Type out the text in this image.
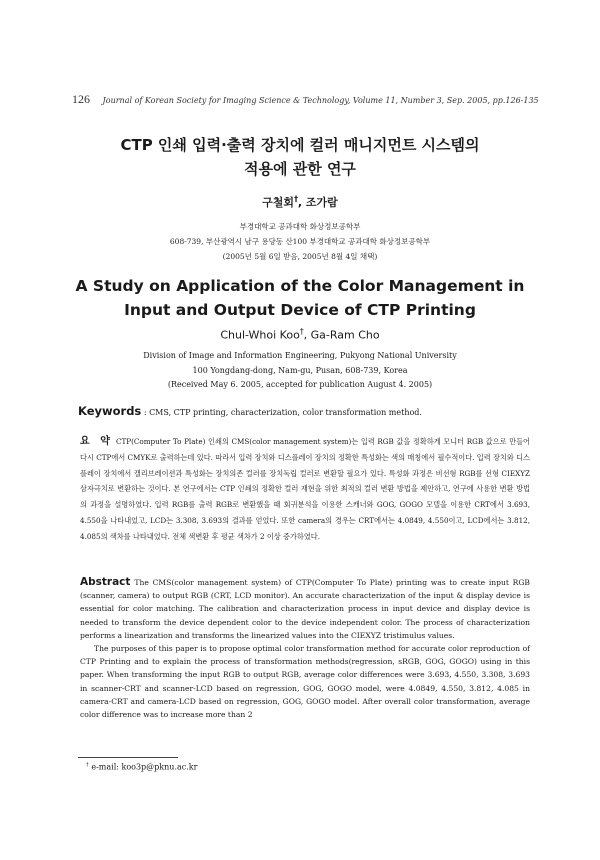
126 Journal of Korean Society for Imaging Science & Technology, Volume 11, Number 3, Sep. 2005, pp.126-135
CTP 인쇄 입력·출력 장치에 컬러 매니지먼트 시스템의
적용에 관한 연구
구철회†, 조가람
부경대학교 공과대학 화상정보공학부
608-739, 부산광역시 남구 용당동 산100 부경대학교 공과대학 화상정보공학부
(2005년 5월 6일 받음, 2005년 8월 4일 채택)
A Study on Application of the Color Management in
Input and Output Device of CTP Printing
Chul-Whoi Koo†, Ga-Ram Cho
Division of Image and Information Engineering, Pukyong National University
100 Yongdang-dong, Nam-gu, Pusan, 608-739, Korea
(Received May 6. 2005, accepted for publication August 4. 2005)
Keywords : CMS, CTP printing, characterization, color transformation method.
요　약 CTP(Computer To Plate) 인쇄의 CMS(color management system)는 입력 RGB 값을 정확하게 모니터 RGB 값으로 만들어 다시 CTP에서 CMYK로 출력하는데 있다. 따라서 입력 장치와 디스플레이 장치의 정확한 특성화는 색의 매칭에서 필수적이다. 입력 장치와 디스플레이 장치에서 캘리브레이션과 특성화는 장치의존 컬러를 장치독립 컬러로 변환할 필요가 있다. 특성화 과정은 비선형 RGB를 선형 CIEXYZ 삼자극치로 변환하는 것이다. 본 연구에서는 CTP 인쇄의 정확한 컬러 재현을 위한 최적의 컬러 변환 방법을 제안하고, 연구에 사용한 변환 방법의 과정을 설명하였다. 입력 RGB를 출력 RGB로 변환했을 때 회귀분석을 이용한 스캐너와 GOG, GOGO 모델을 이용한 CRT에서 3.693, 4.550을 나타내었고, LCD는 3.308, 3.693의 결과를 얻었다. 또한 camera의 경우는 CRT에서는 4.0849, 4.550이고, LCD에서는 3.812, 4.085의 색차를 나타내었다. 전체 색변환 후 평균 색차가 2 이상 증가하였다.

Abstract The CMS(color management system) of CTP(Computer To Plate) printing was to create input RGB (scanner, camera) to output RGB (CRT, LCD monitor). An accurate characterization of the input & display device is essential for color matching. The calibration and characterization process in input device and display device is needed to transform the device dependent color to the device independent color. The process of characterization performs a linearization and transforms the linearized values into the CIEXYZ tristimulus values.

The purposes of this paper is to propose optimal color transformation method for accurate color reproduction of CTP Printing and to explain the process of transformation methods(regression, sRGB, GOG, GOGO) using in this paper. When transforming the input RGB to output RGB, average color differences were 3.693, 4.550, 3.308, 3.693 in scanner-CRT and scanner-LCD based on regression, GOG, GOGO model, were 4.0849, 4.550, 3.812, 4.085 in camera-CRT and camera-LCD based on regression, GOG, GOGO model. After overall color transformation, average color difference was to increase more than 2

† e-mail: koo3p@pknu.ac.kr
